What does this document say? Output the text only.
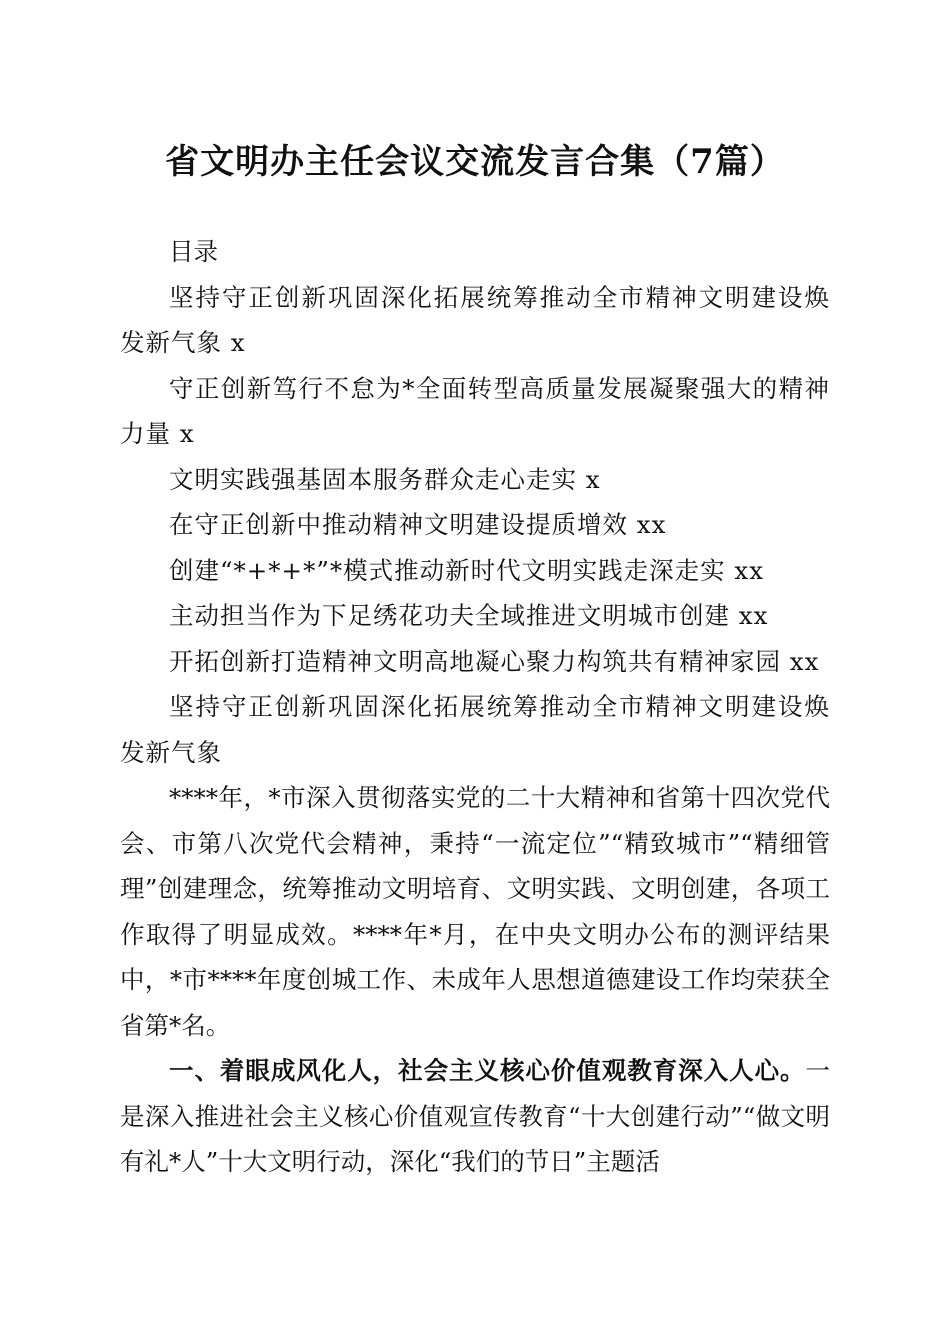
省文明办主任会议交流发言合集（7篇）

目录

坚持守正创新巩固深化拓展统筹推动全市精神文明建设焕发新气象 x

守正创新笃行不怠为*全面转型高质量发展凝聚强大的精神力量 x

文明实践强基固本服务群众走心走实 x

在守正创新中推动精神文明建设提质增效 xx

创建“*+*+*”*模式推动新时代文明实践走深走实 xx

主动担当作为下足绣花功夫全域推进文明城市创建 xx

开拓创新打造精神文明高地凝心聚力构筑共有精神家园 xx

坚持守正创新巩固深化拓展统筹推动全市精神文明建设焕发新气象

****年，*市深入贯彻落实党的二十大精神和省第十四次党代会、市第八次党代会精神，秉持“一流定位”“精致城市”“精细管理”创建理念，统筹推动文明培育、文明实践、文明创建，各项工作取得了明显成效。****年*月，在中央文明办公布的测评结果中，*市****年度创城工作、未成年人思想道德建设工作均荣获全省第*名。

一、着眼成风化人，社会主义核心价值观教育深入人心。一是深入推进社会主义核心价值观宣传教育“十大创建行动”“做文明有礼*人”十大文明行动，深化“我们的节日”主题活
